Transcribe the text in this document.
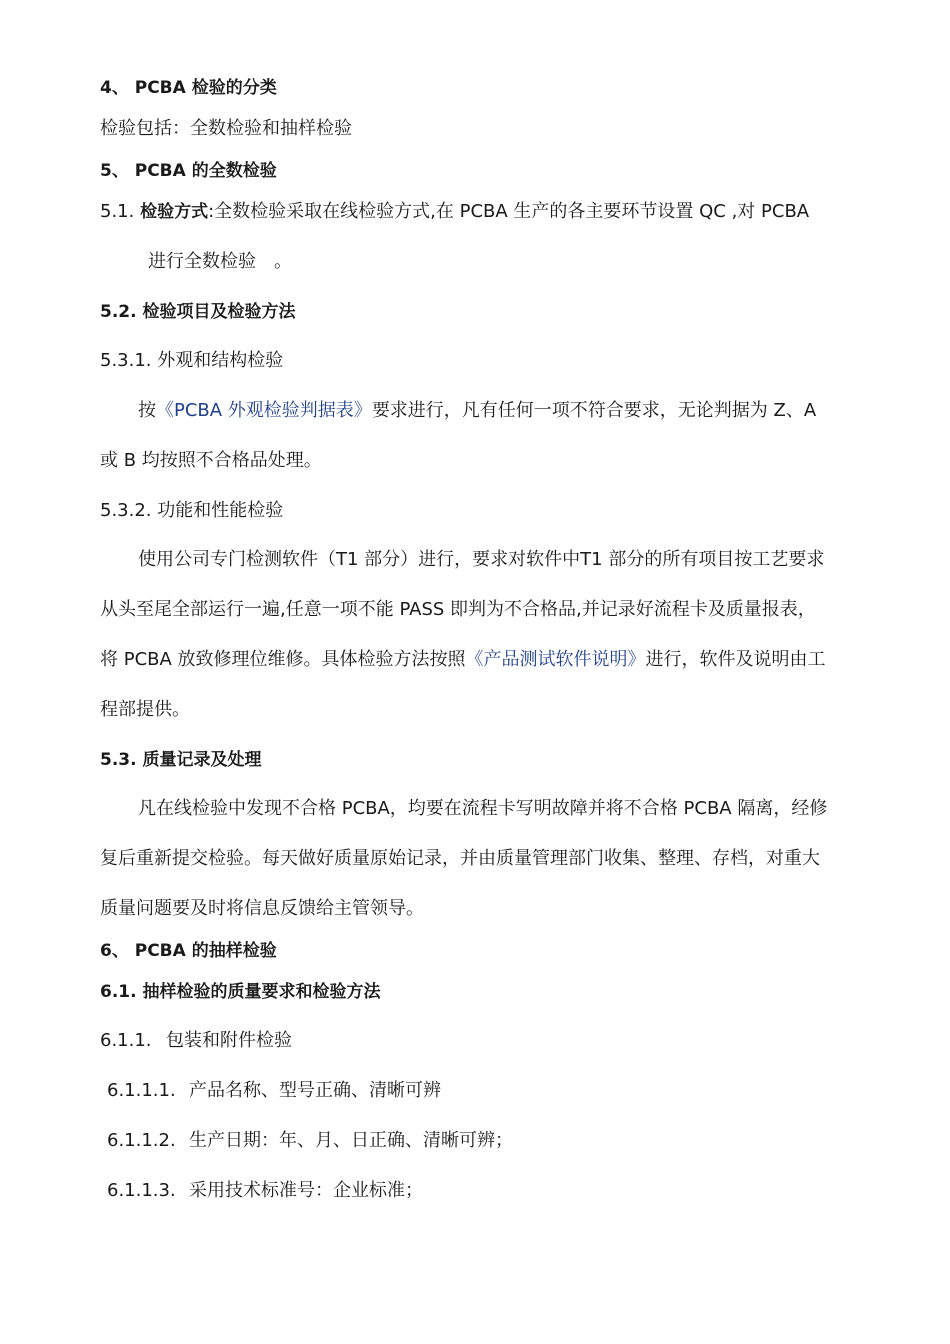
4、 PCBA 检验的分类
检验包括：全数检验和抽样检验
5、 PCBA 的全数检验
5.1. 检验方式:全数检验采取在线检验方式,在 PCBA 生产的各主要环节设置 QC ,对 PCBA
进行全数检验　。
5.2. 检验项目及检验方法
5.3.1. 外观和结构检验
按《PCBA 外观检验判据表》要求进行，凡有任何一项不符合要求，无论判据为 Z、A
或 B 均按照不合格品处理。
5.3.2. 功能和性能检验
使用公司专门检测软件（T1 部分）进行，要求对软件中T1 部分的所有项目按工艺要求
从头至尾全部运行一遍,任意一项不能 PASS 即判为不合格品,并记录好流程卡及质量报表，
将 PCBA 放致修理位维修。具体检验方法按照《产品测试软件说明》进行，软件及说明由工
程部提供。
5.3. 质量记录及处理
凡在线检验中发现不合格 PCBA，均要在流程卡写明故障并将不合格 PCBA 隔离，经修
复后重新提交检验。每天做好质量原始记录，并由质量管理部门收集、整理、存档，对重大
质量问题要及时将信息反馈给主管领导。
6、 PCBA 的抽样检验
6.1. 抽样检验的质量要求和检验方法
6.1.1. 包装和附件检验
6.1.1.1. 产品名称、型号正确、清晰可辨
6.1.1.2. 生产日期：年、月、日正确、清晰可辨；
6.1.1.3. 采用技术标准号：企业标准；
